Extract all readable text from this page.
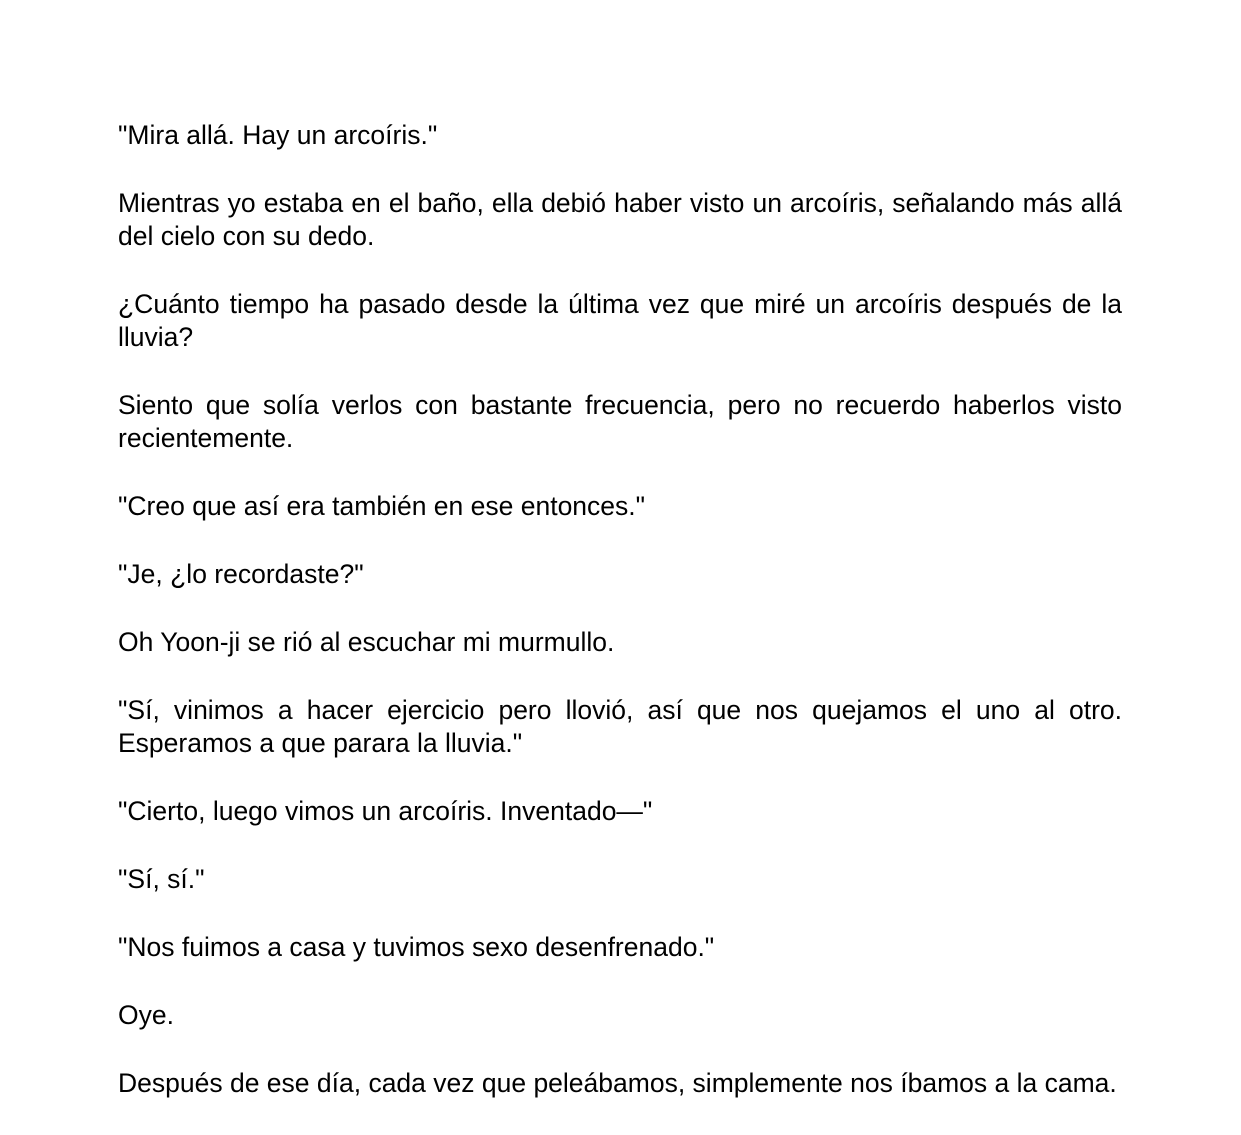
"Mira allá. Hay un arcoíris."

Mientras yo estaba en el baño, ella debió haber visto un arcoíris, señalando más allá del cielo con su dedo.

¿Cuánto tiempo ha pasado desde la última vez que miré un arcoíris después de la lluvia?

Siento que solía verlos con bastante frecuencia, pero no recuerdo haberlos visto recientemente.

"Creo que así era también en ese entonces."

"Je, ¿lo recordaste?"

Oh Yoon-ji se rió al escuchar mi murmullo.

"Sí, vinimos a hacer ejercicio pero llovió, así que nos quejamos el uno al otro. Esperamos a que parara la lluvia."

"Cierto, luego vimos un arcoíris. Inventado—"

"Sí, sí."

"Nos fuimos a casa y tuvimos sexo desenfrenado."

Oye.

Después de ese día, cada vez que peleábamos, simplemente nos íbamos a la cama.
